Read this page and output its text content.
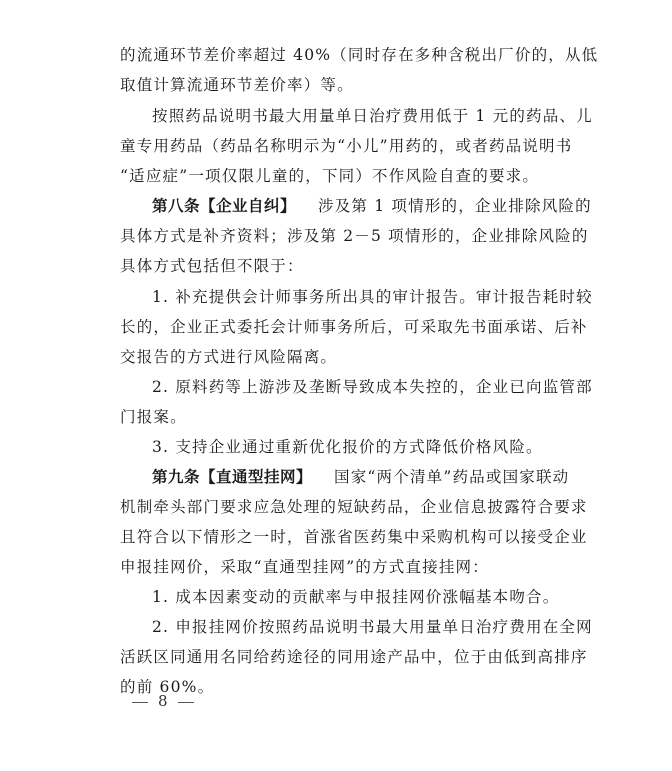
的流通环节差价率超过 40%（同时存在多种含税出厂价的，从低
取值计算流通环节差价率）等。
按照药品说明书最大用量单日治疗费用低于 1 元的药品、儿
童专用药品（药品名称明示为“小儿”用药的，或者药品说明书
“适应症”一项仅限儿童的，下同）不作风险自查的要求。
第八条【企业自纠】 涉及第 1 项情形的，企业排除风险的
具体方式是补齐资料；涉及第 2－5 项情形的，企业排除风险的
具体方式包括但不限于：
1. 补充提供会计师事务所出具的审计报告。审计报告耗时较
长的，企业正式委托会计师事务所后，可采取先书面承诺、后补
交报告的方式进行风险隔离。
2. 原料药等上游涉及垄断导致成本失控的，企业已向监管部
门报案。
3. 支持企业通过重新优化报价的方式降低价格风险。
第九条【直通型挂网】 国家“两个清单”药品或国家联动
机制牵头部门要求应急处理的短缺药品，企业信息披露符合要求
且符合以下情形之一时，首涨省医药集中采购机构可以接受企业
申报挂网价，采取“直通型挂网”的方式直接挂网：
1. 成本因素变动的贡献率与申报挂网价涨幅基本吻合。
2. 申报挂网价按照药品说明书最大用量单日治疗费用在全网
活跃区同通用名同给药途径的同用途产品中，位于由低到高排序
的前 60%。
8
